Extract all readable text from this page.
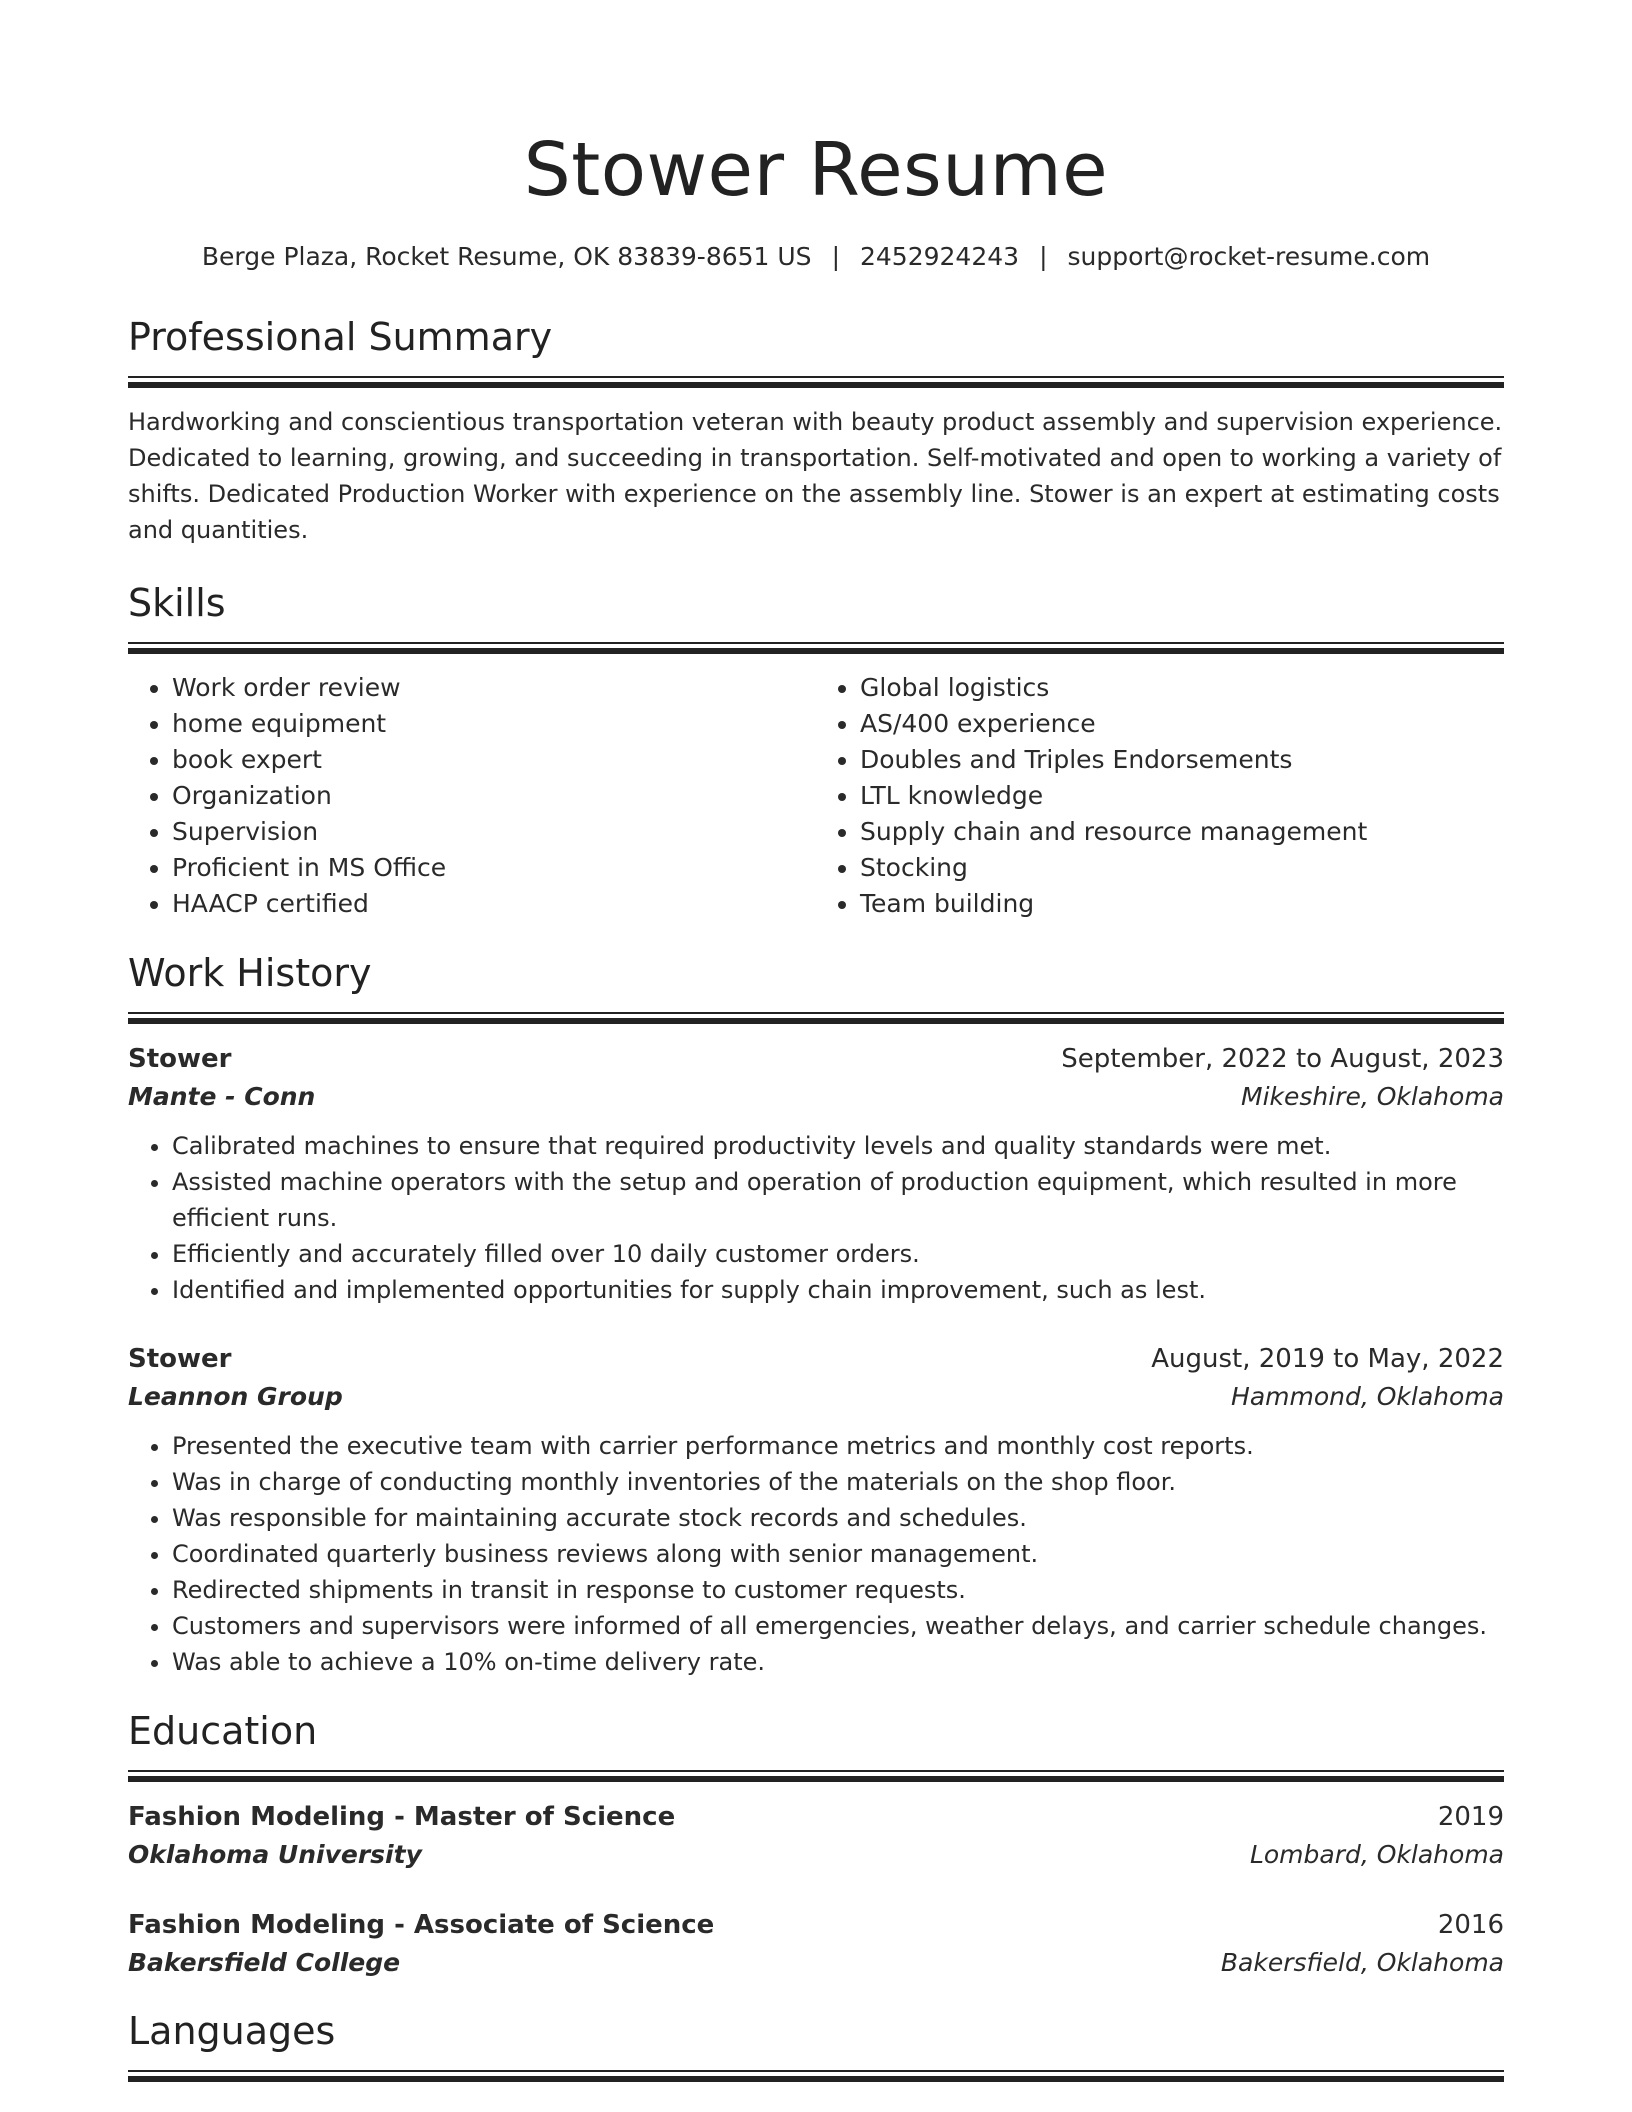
Stower Resume
Berge Plaza, Rocket Resume, OK 83839-8651 US | 2452924243 | support@rocket-resume.com
Professional Summary
Hardworking and conscientious transportation veteran with beauty product assembly and supervision experience. Dedicated to learning, growing, and succeeding in transportation. Self-motivated and open to working a variety of shifts. Dedicated Production Worker with experience on the assembly line. Stower is an expert at estimating costs and quantities.
Skills
• Work order review
• home equipment
• book expert
• Organization
• Supervision
• Proficient in MS Office
• HAACP certified
• Global logistics
• AS/400 experience
• Doubles and Triples Endorsements
• LTL knowledge
• Supply chain and resource management
• Stocking
• Team building
Work History
Stower	September, 2022 to August, 2023
Mante - Conn	Mikeshire, Oklahoma
• Calibrated machines to ensure that required productivity levels and quality standards were met.
• Assisted machine operators with the setup and operation of production equipment, which resulted in more efficient runs.
• Efficiently and accurately filled over 10 daily customer orders.
• Identified and implemented opportunities for supply chain improvement, such as lest.
Stower	August, 2019 to May, 2022
Leannon Group	Hammond, Oklahoma
• Presented the executive team with carrier performance metrics and monthly cost reports.
• Was in charge of conducting monthly inventories of the materials on the shop floor.
• Was responsible for maintaining accurate stock records and schedules.
• Coordinated quarterly business reviews along with senior management.
• Redirected shipments in transit in response to customer requests.
• Customers and supervisors were informed of all emergencies, weather delays, and carrier schedule changes.
• Was able to achieve a 10% on-time delivery rate.
Education
Fashion Modeling - Master of Science	2019
Oklahoma University	Lombard, Oklahoma
Fashion Modeling - Associate of Science	2016
Bakersfield College	Bakersfield, Oklahoma
Languages
